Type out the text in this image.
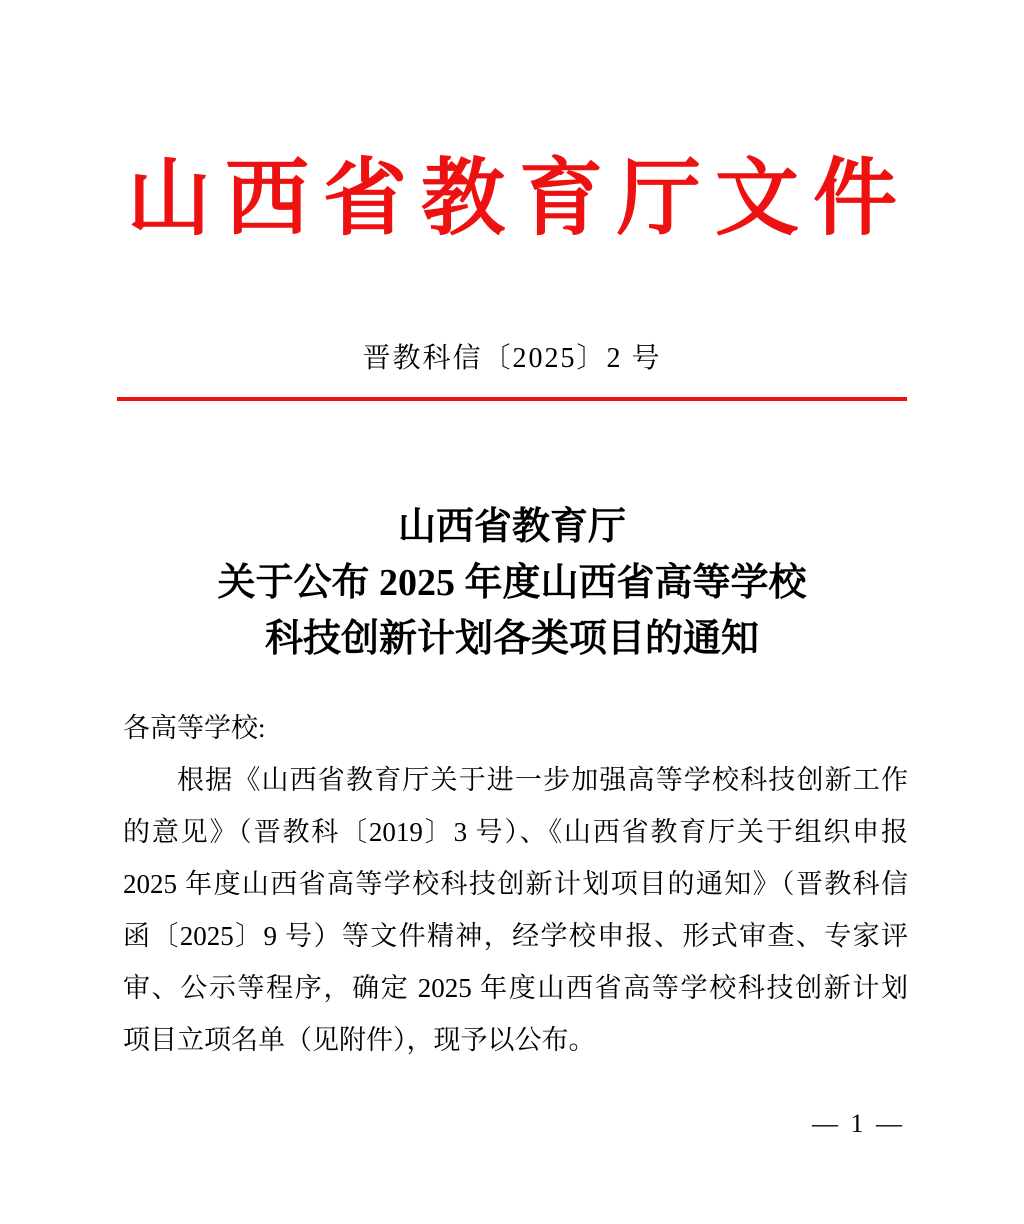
山西省教育厅文件
晋教科信〔2025〕2 号
山西省教育厅
关于公布 2025 年度山西省高等学校
科技创新计划各类项目的通知
各高等学校:
根据《山西省教育厅关于进一步加强高等学校科技创新工作
的意见》（晋教科〔2019〕3 号）、《山西省教育厅关于组织申报
2025 年度山西省高等学校科技创新计划项目的通知》（晋教科信
函〔2025〕9 号）等文件精神，经学校申报、形式审查、专家评
审、公示等程序，确定 2025 年度山西省高等学校科技创新计划
项目立项名单（见附件），现予以公布。
— 1 —
